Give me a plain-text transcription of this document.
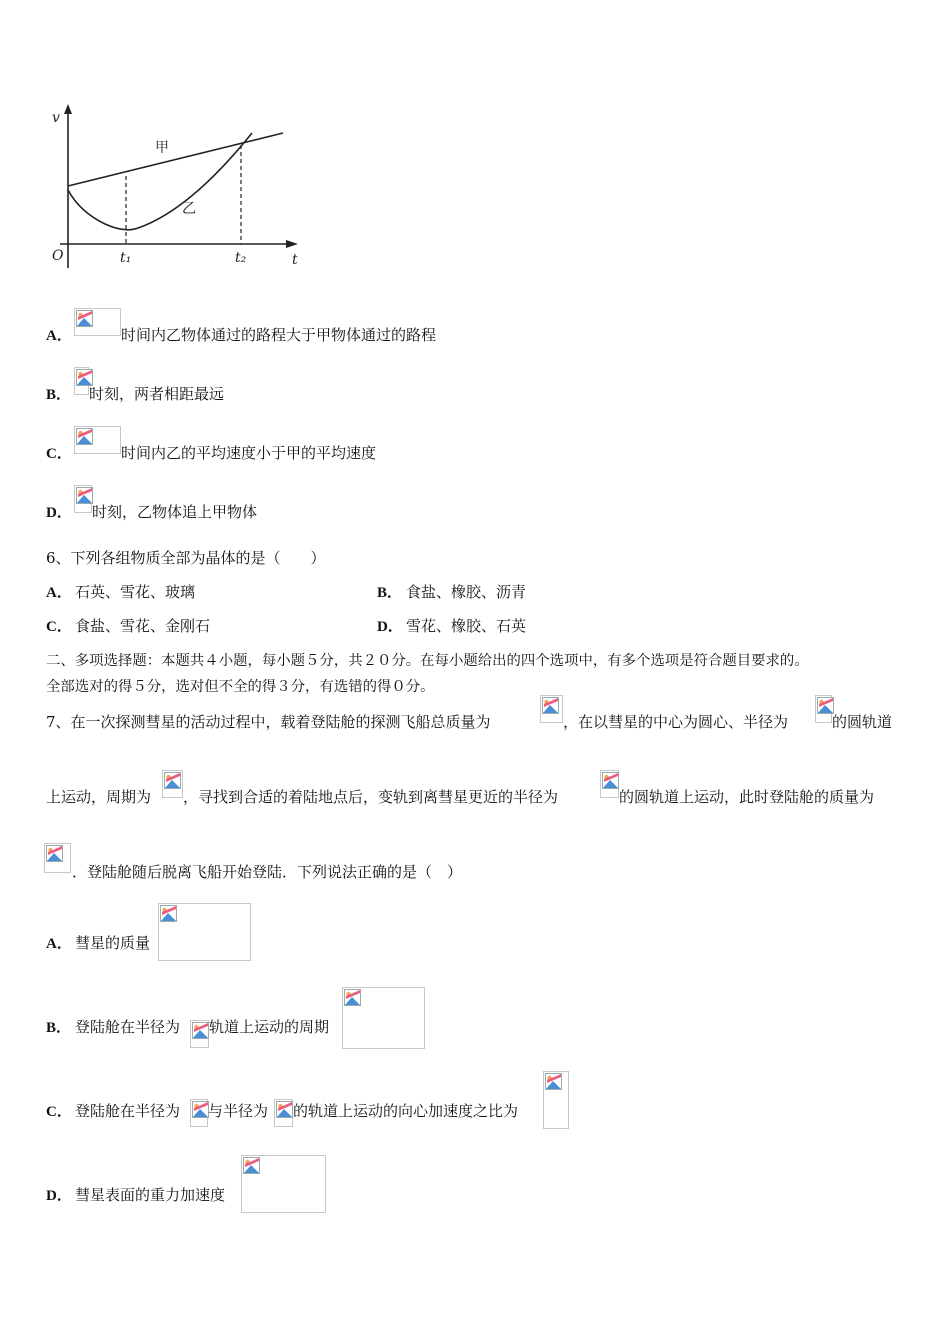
v
t
O	t₁	t₂
甲
乙
A．	时间内乙物体通过的路程大于甲物体通过的路程
B． 时刻，两者相距最远
C．	时间内乙的平均速度小于甲的平均速度
D． 时刻，乙物体追上甲物体
6、下列各组物质全部为晶体的是（　　）
A． 石英、雪花、玻璃	B． 食盐、橡胶、沥青
C． 食盐、雪花、金刚石	D． 雪花、橡胶、石英
二、多项选择题：本题共４小题，每小题５分，共２０分。在每小题给出的四个选项中，有多个选项是符合题目要求的。
全部选对的得５分，选对但不全的得３分，有选错的得０分。
7、在一次探测彗星的活动过程中，载着登陆舱的探测飞船总质量为	，在以彗星的中心为圆心、半径为	的圆轨道
上运动，周期为 ，寻找到合适的着陆地点后，变轨到离彗星更近的半径为	的圆轨道上运动，此时登陆舱的质量为
．登陆舱随后脱离飞船开始登陆．下列说法正确的是（　）
A． 彗星的质量
B． 登陆舱在半径为 轨道上运动的周期
C． 登陆舱在半径为 与半径为 的轨道上运动的向心加速度之比为
D． 彗星表面的重力加速度
